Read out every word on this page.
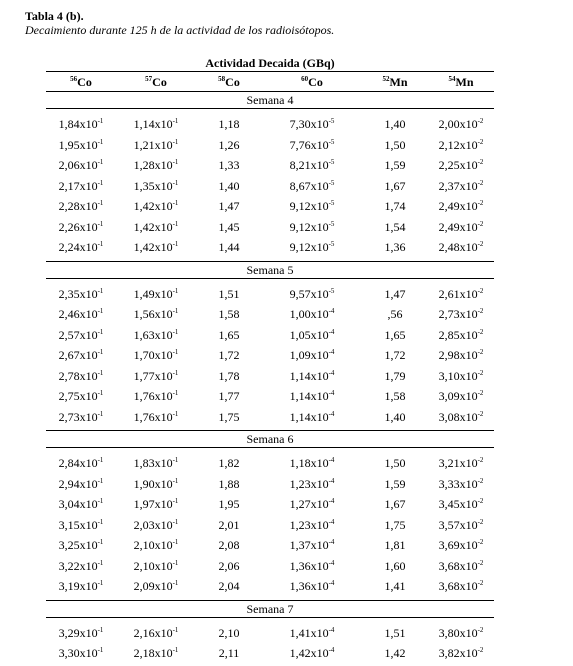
Tabla 4 (b).
Decaimiento durante 125 h de la actividad de los radioisótopos.
Actividad Decaida (GBq)
$^{56}$Co	$^{57}$Co	$^{58}$Co	$^{60}$Co	$^{52}$Mn	$^{54}$Mn
Semana 4
$1,84x10^{-1}$	$1,14x10^{-1}$	1,18	$7,30x10^{-5}$	1,40	$2,00x10^{-2}$
$1,95x10^{-1}$	$1,21x10^{-1}$	1,26	$7,76x10^{-5}$	1,50	$2,12x10^{-2}$
$2,06x10^{-1}$	$1,28x10^{-1}$	1,33	$8,21x10^{-5}$	1,59	$2,25x10^{-2}$
$2,17x10^{-1}$	$1,35x10^{-1}$	1,40	$8,67x10^{-5}$	1,67	$2,37x10^{-2}$
$2,28x10^{-1}$	$1,42x10^{-1}$	1,47	$9,12x10^{-5}$	1,74	$2,49x10^{-2}$
$2,26x10^{-1}$	$1,42x10^{-1}$	1,45	$9,12x10^{-5}$	1,54	$2,49x10^{-2}$
$2,24x10^{-1}$	$1,42x10^{-1}$	1,44	$9,12x10^{-5}$	1,36	$2,48x10^{-2}$
Semana 5
$2,35x10^{-1}$	$1,49x10^{-1}$	1,51	$9,57x10^{-5}$	1,47	$2,61x10^{-2}$
$2,46x10^{-1}$	$1,56x10^{-1}$	1,58	$1,00x10^{-4}$	,56	$2,73x10^{-2}$
$2,57x10^{-1}$	$1,63x10^{-1}$	1,65	$1,05x10^{-4}$	1,65	$2,85x10^{-2}$
$2,67x10^{-1}$	$1,70x10^{-1}$	1,72	$1,09x10^{-4}$	1,72	$2,98x10^{-2}$
$2,78x10^{-1}$	$1,77x10^{-1}$	1,78	$1,14x10^{-4}$	1,79	$3,10x10^{-2}$
$2,75x10^{-1}$	$1,76x10^{-1}$	1,77	$1,14x10^{-4}$	1,58	$3,09x10^{-2}$
$2,73x10^{-1}$	$1,76x10^{-1}$	1,75	$1,14x10^{-4}$	1,40	$3,08x10^{-2}$
Semana 6
$2,84x10^{-1}$	$1,83x10^{-1}$	1,82	$1,18x10^{-4}$	1,50	$3,21x10^{-2}$
$2,94x10^{-1}$	$1,90x10^{-1}$	1,88	$1,23x10^{-4}$	1,59	$3,33x10^{-2}$
$3,04x10^{-1}$	$1,97x10^{-1}$	1,95	$1,27x10^{-4}$	1,67	$3,45x10^{-2}$
$3,15x10^{-1}$	$2,03x10^{-1}$	2,01	$1,23x10^{-4}$	1,75	$3,57x10^{-2}$
$3,25x10^{-1}$	$2,10x10^{-1}$	2,08	$1,37x10^{-4}$	1,81	$3,69x10^{-2}$
$3,22x10^{-1}$	$2,10x10^{-1}$	2,06	$1,36x10^{-4}$	1,60	$3,68x10^{-2}$
$3,19x10^{-1}$	$2,09x10^{-1}$	2,04	$1,36x10^{-4}$	1,41	$3,68x10^{-2}$
Semana 7
$3,29x10^{-1}$	$2,16x10^{-1}$	2,10	$1,41x10^{-4}$	1,51	$3,80x10^{-2}$
$3,30x10^{-1}$	$2,18x10^{-1}$	2,11	$1,42x10^{-4}$	1,42	$3,82x10^{-2}$
